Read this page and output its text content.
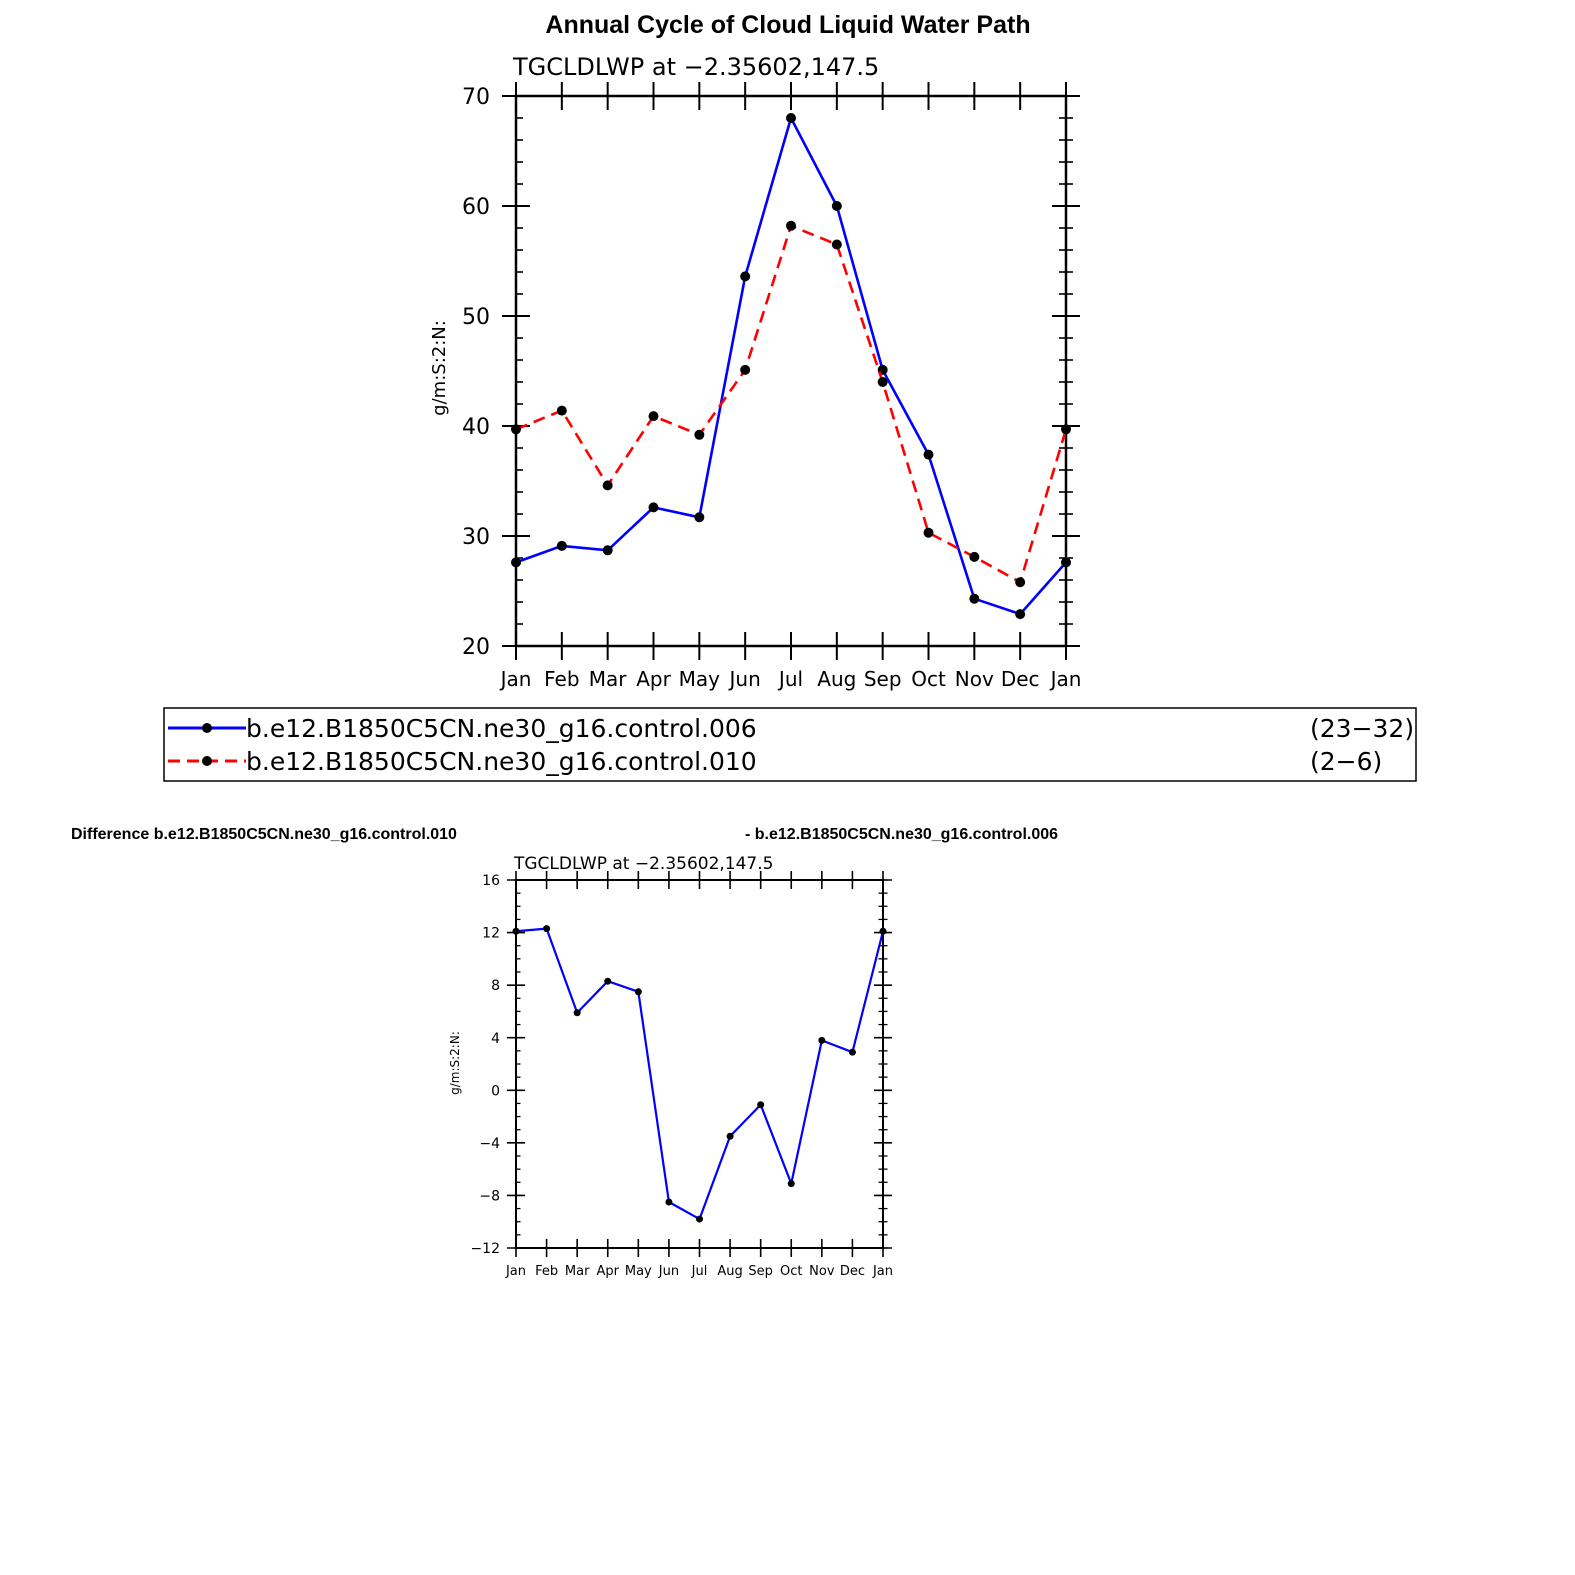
Annual Cycle of Cloud Liquid Water Path
TGCLDLWP at −2.35602,147.5
g/m:S:2:N:
20
30
40
50
60
70
Jan Feb Mar Apr May Jun Jul Aug Sep Oct Nov Dec Jan
b.e12.B1850C5CN.ne30_g16.control.006	(23−32)
b.e12.B1850C5CN.ne30_g16.control.010	(2−6)
Difference b.e12.B1850C5CN.ne30_g16.control.010	- b.e12.B1850C5CN.ne30_g16.control.006
TGCLDLWP at −2.35602,147.5
g/m:S:2:N:
−12
−8
−4
0
4
8
12
16
Jan Feb Mar Apr May Jun Jul Aug Sep Oct Nov Dec Jan
